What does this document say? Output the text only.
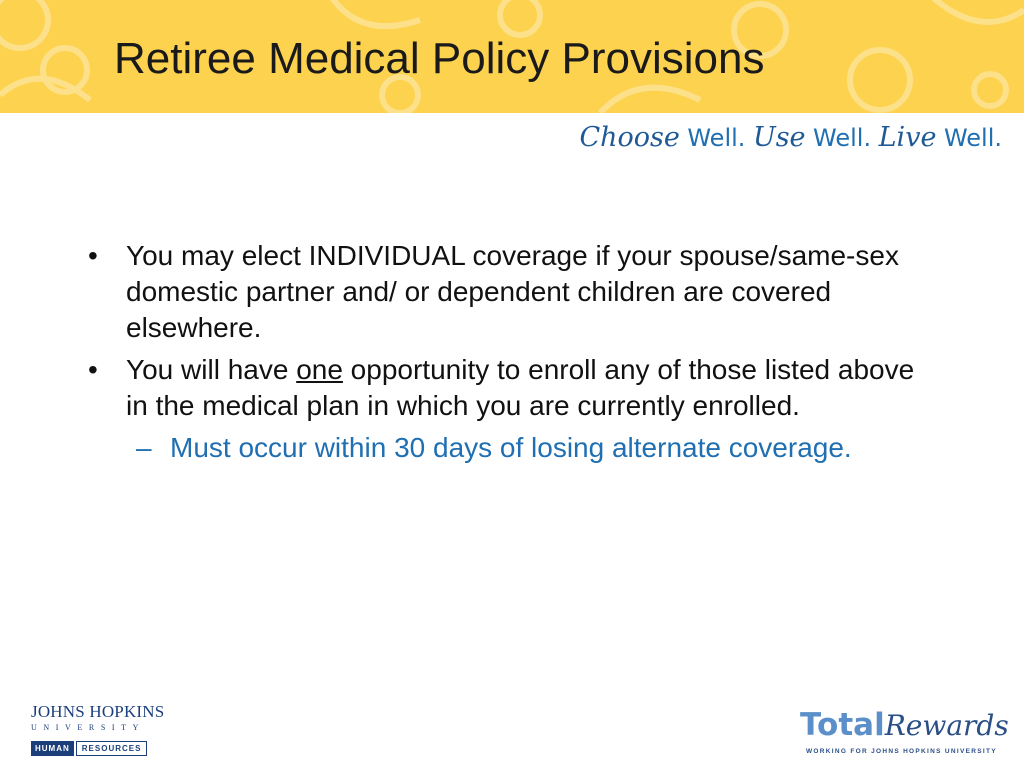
Retiree Medical Policy Provisions
Choose Well. Use Well. Live Well.
• You may elect INDIVIDUAL coverage if your spouse/same-sex domestic partner and/ or dependent children are covered elsewhere.
• You will have one opportunity to enroll any of those listed above in the medical plan in which you are currently enrolled.
– Must occur within 30 days of losing alternate coverage.
JOHNS HOPKINS
UNIVERSITY
HUMAN	RESOURCES
TotalRewards
WORKING FOR JOHNS HOPKINS UNIVERSITY
